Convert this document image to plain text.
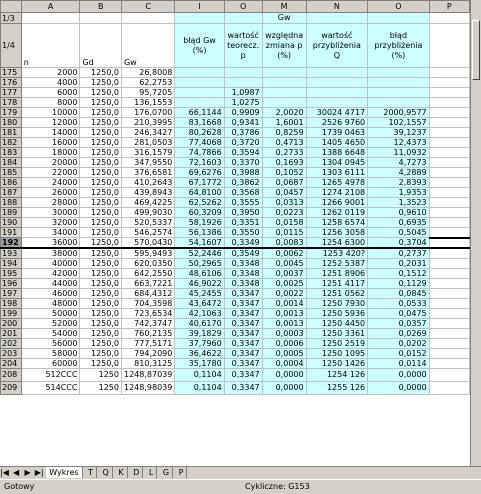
	A	B	C	I	O	M	N	O	P
1/3						Gw			
1/4	n	Gd	Gw	błąd Gw (%)	wartość teorecz. p	względna zmiana p (%)	wartość przybliżenia Q	błąd przybliżenia (%)	
175	2000	1250,0	26,8008						
176	4000	1250,0	62,2753						
177	6000	1250,0	95,7205		1,0987				
178	8000	1250,0	136,1553		1,0275				
179	10000	1250,0	176,0700	66,1144	0,9909	2,0020	30024 4717	2000,9577	
180	12000	1250,0	210,3995	83,1668	0,9341	1,6001	2526 9760	102,1557	
181	14000	1250,0	246,3427	80,2628	0,3786	0,8259	1739 0463	39,1237	
182	16000	1250,0	281,0503	77,4068	0,3720	0,4713	1405 4650	12,4373	
183	18000	1250,0	316,1579	74,7866	0,3594	0,2733	1388 6648	11,0932	
184	20000	1250,0	347,9550	72,1603	0,3370	0,1693	1304 0945	4,7273	
185	22000	1250,0	376,6581	69,6276	0,3988	0,1052	1303 6111	4,2889	
186	24000	1250,0	410,2643	67,1772	0,3862	0,0687	1265 4978	2,8393	
187	26000	1250,0	439,8943	64,8100	0,3568	0,0457	1274 2108	1,9353	
188	28000	1250,0	469,4225	62,5262	0,3555	0,0313	1266 9001	1,3523	
189	30000	1250,0	499,9030	60,3209	0,3950	0,0223	1262 0119	0,9610	
190	32000	1250,0	520,5337	58,1926	0,3351	0,0158	1258 6574	0,6935	
191	34000	1250,0	546,2574	56,1386	0,3550	0,0115	1256 3058	0,5045	
192	36000	1250,0	570,0430	54,1607	0,3349	0,0083	1254 6300	0,3704	
193	38000	1250,0	595,9493	52,2446	0,3549	0,0062	1253 420?	0,2737	
194	40000	1250,0	620,0350	50,2965	0,3348	0,0045	1252 5387	0,2031	
195	42000	1250,0	642,2550	48,6106	0,3348	0,0037	1251 8906	0,1512	
196	44000	1250,0	663,7221	46,9022	0,3348	0,0025	1251 4117	0,1129	
197	46000	1250,0	684,4312	45,2455	0,3347	0,0022	1251 0562	0,0845	
198	48000	1250,0	704,3598	43,6472	0,3347	0,0014	1250 7930	0,0533	
199	50000	1250,0	723,6534	42,1063	0,3347	0,0013	1250 5936	0,0475	
200	52000	1250,0	742,3747	40,6170	0,3347	0,0013	1250 4450	0,0357	
201	54000	1250,0	760,2135	39,1829	0,3347	0,0003	1250 3361	0,0269	
202	56000	1250,0	777,5171	37,7960	0,3347	0,0006	1250 2519	0,0202	
203	58000	1250,0	794,2090	36,4622	0,3347	0,0005	1250 1095	0,0152	
204	60000	1250,0	810,3125	35,1780	0,3347	0,0004	1250 1426	0,0114	
208	512CCC	1250	1248,87039	0,1104	0,3347	0,0000	1254 126	0,0000	
209	514CCC	1250	1248,98039	0,1104	0,3347	0,0000	1255 126	0,0000	
|◀ ◀ ▶ ▶| Wykres T Q K D L G P
Gotowy	Cykliczne: G153
